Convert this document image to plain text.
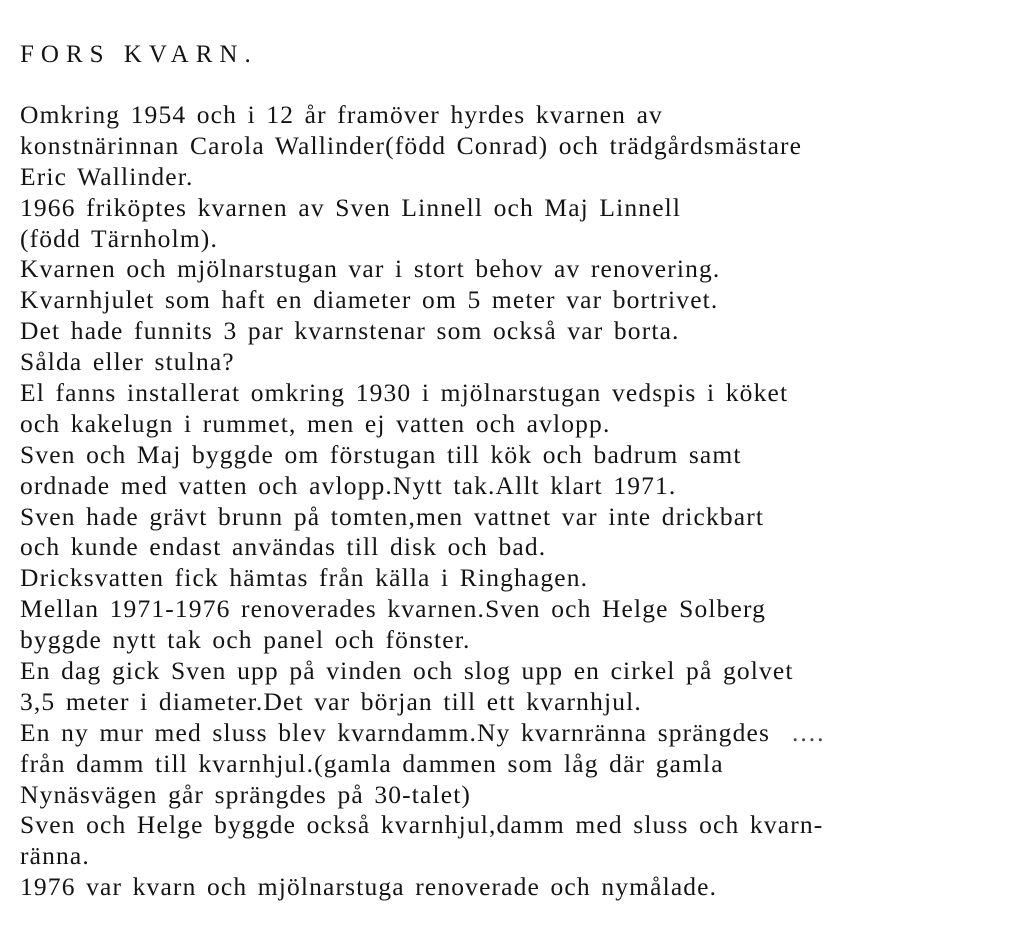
FORS KVARN.
Omkring 1954 och i 12 år framöver hyrdes kvarnen av
konstnärinnan Carola Wallinder(född Conrad) och trädgårdsmästare
Eric Wallinder.
1966 friköptes kvarnen av Sven Linnell och Maj Linnell
(född Tärnholm).
Kvarnen och mjölnarstugan var i stort behov av renovering.
Kvarnhjulet som haft en diameter om 5 meter var bortrivet.
Det hade funnits 3 par kvarnstenar som också var borta.
Sålda eller stulna?
El fanns installerat omkring 1930 i mjölnarstugan vedspis i köket
och kakelugn i rummet, men ej vatten och avlopp.
Sven och Maj byggde om förstugan till kök och badrum samt
ordnade med vatten och avlopp.Nytt tak.Allt klart 1971.
Sven hade grävt brunn på tomten,men vattnet var inte drickbart
och kunde endast användas till disk och bad.
Dricksvatten fick hämtas från källa i Ringhagen.
Mellan 1971-1976 renoverades kvarnen.Sven och Helge Solberg
byggde nytt tak och panel och fönster.
En dag gick Sven upp på vinden och slog upp en cirkel på golvet
3,5 meter i diameter.Det var början till ett kvarnhjul.
En ny mur med sluss blev kvarndamm.Ny kvarnränna sprängdes ....
från damm till kvarnhjul.(gamla dammen som låg där gamla
Nynäsvägen går sprängdes på 30-talet)
Sven och Helge byggde också kvarnhjul,damm med sluss och kvarn-
ränna.
1976 var kvarn och mjölnarstuga renoverade och nymålade.
